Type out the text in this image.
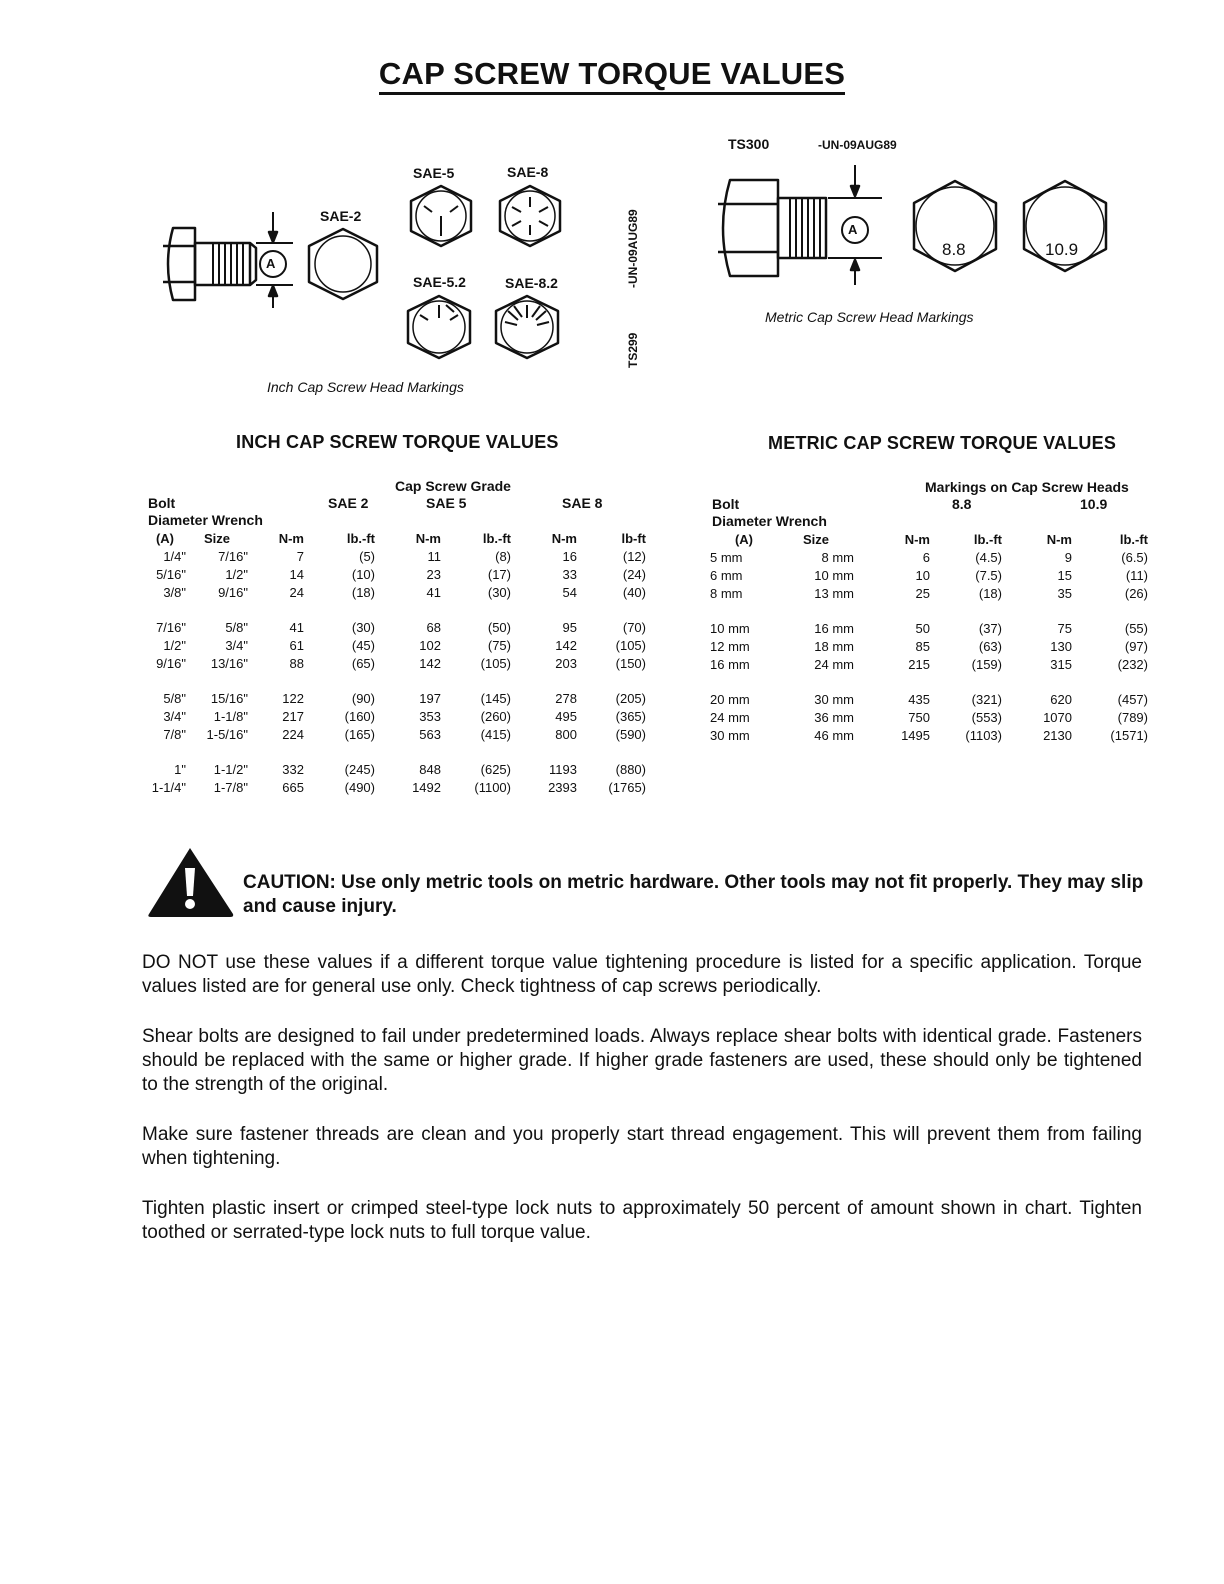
CAP SCREW TORQUE VALUES
SAE-2
SAE-5	SAE-8
SAE-5.2	SAE-8.2
A	-UN-09AUG89
TS299
Inch Cap Screw Head Markings
TS300	-UN-09AUG89
A
8.8	10.9
Metric Cap Screw Head Markings
INCH CAP SCREW TORQUE VALUES
Cap Screw Grade
Bolt	SAE 2	SAE 5	SAE 8
Diameter Wrench
(A)	Size	N-m	lb.-ft	N-m	lb.-ft	N-m	lb-ft
1/4"	7/16"	7	(5)	11	(8)	16	(12)
5/16"	1/2"	14	(10)	23	(17)	33	(24)
3/8"	9/16"	24	(18)	41	(30)	54	(40)

7/16"	5/8"	41	(30)	68	(50)	95	(70)
1/2"	3/4"	61	(45)	102	(75)	142	(105)
9/16"	13/16"	88	(65)	142	(105)	203	(150)

5/8"	15/16"	122	(90)	197	(145)	278	(205)
3/4"	1-1/8"	217	(160)	353	(260)	495	(365)
7/8"	1-5/16"	224	(165)	563	(415)	800	(590)

1"	1-1/2"	332	(245)	848	(625)	1193	(880)
1-1/4"	1-7/8"	665	(490)	1492	(1100)	2393	(1765)
METRIC CAP SCREW TORQUE VALUES
Markings on Cap Screw Heads
Bolt	8.8	10.9
Diameter Wrench
(A)	Size	N-m	lb.-ft	N-m	lb.-ft
5 mm	8 mm	6	(4.5)	9	(6.5)
6 mm	10 mm	10	(7.5)	15	(11)
8 mm	13 mm	25	(18)	35	(26)

10 mm	16 mm	50	(37)	75	(55)
12 mm	18 mm	85	(63)	130	(97)
16 mm	24 mm	215	(159)	315	(232)

20 mm	30 mm	435	(321)	620	(457)
24 mm	36 mm	750	(553)	1070	(789)
30 mm	46 mm	1495	(1103)	2130	(1571)
CAUTION: Use only metric tools on metric hardware. Other tools may not fit properly. They may slip and cause injury.
DO NOT use these values if a different torque value tightening procedure is listed for a specific application. Torque values listed are for general use only. Check tightness of cap screws periodically.
Shear bolts are designed to fail under predetermined loads. Always replace shear bolts with identical grade. Fasteners should be replaced with the same or higher grade. If higher grade fasteners are used, these should only be tightened to the strength of the original.
Make sure fastener threads are clean and you properly start thread engagement. This will prevent them from failing when tightening.
Tighten plastic insert or crimped steel-type lock nuts to approximately 50 percent of amount shown in chart. Tighten toothed or serrated-type lock nuts to full torque value.
